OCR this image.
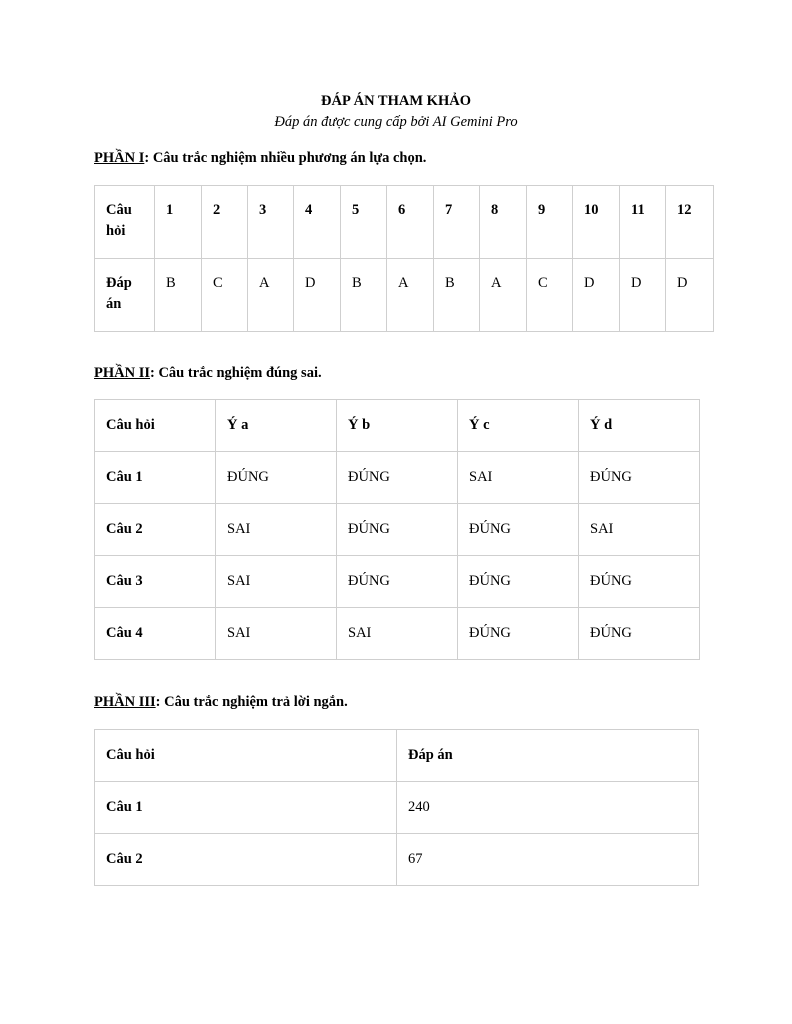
ĐÁP ÁN THAM KHẢO
Đáp án được cung cấp bởi AI Gemini Pro
PHẦN I: Câu trắc nghiệm nhiều phương án lựa chọn.
Câu
hỏi	1	2	3	4	5	6	7	8	9	10	11	12
Đáp
án	B	C	A	D	B	A	B	A	C	D	D	D
PHẦN II: Câu trắc nghiệm đúng sai.
Câu hỏi	Ý a	Ý b	Ý c	Ý d
Câu 1	ĐÚNG	ĐÚNG	SAI	ĐÚNG
Câu 2	SAI	ĐÚNG	ĐÚNG	SAI
Câu 3	SAI	ĐÚNG	ĐÚNG	ĐÚNG
Câu 4	SAI	SAI	ĐÚNG	ĐÚNG
PHẦN III: Câu trắc nghiệm trả lời ngắn.
Câu hỏi	Đáp án
Câu 1	240
Câu 2	67
